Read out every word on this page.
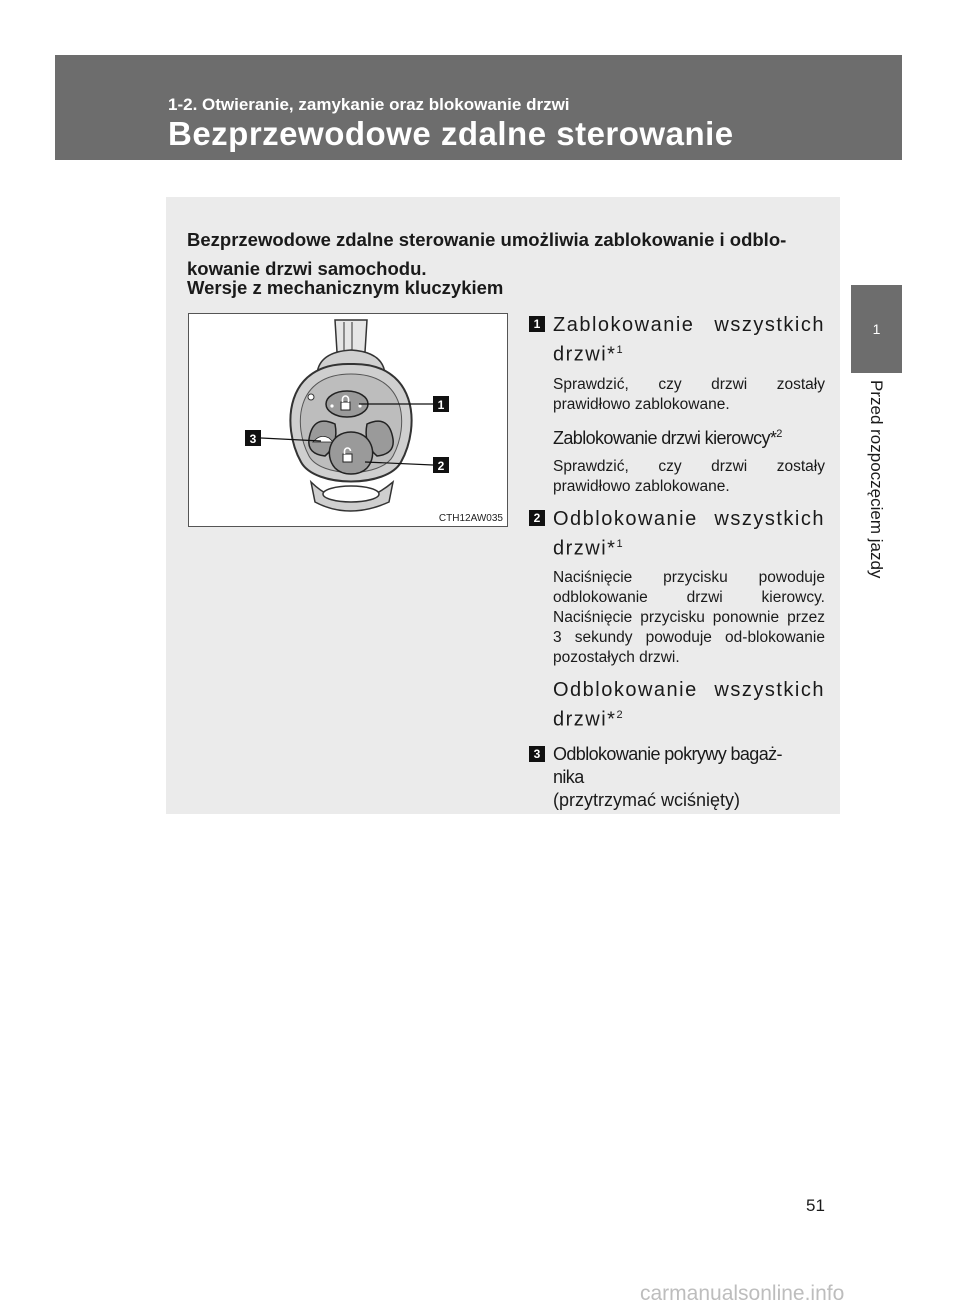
1-2. Otwieranie, zamykanie oraz blokowanie drzwi
Bezprzewodowe zdalne sterowanie
1
Przed rozpoczęciem jazdy
Bezprzewodowe zdalne sterowanie umożliwia zablokowanie i odblo-kowanie drzwi samochodu.
Wersje z mechanicznym kluczykiem
1
2
3
CTH12AW035
1 Zablokowanie wszystkich
drzwi*$^1$
Sprawdzić, czy drzwi zostały prawidłowo zablokowane.
Zablokowanie drzwi kierowcy*$^2$
Sprawdzić, czy drzwi zostały prawidłowo zablokowane.
2 Odblokowanie wszystkich
drzwi*$^1$
Naciśnięcie przycisku powoduje odblokowanie drzwi kierowcy. Naciśnięcie przycisku ponownie przez 3 sekundy powoduje od-blokowanie pozostałych drzwi.
Odblokowanie wszystkich
drzwi*$^2$
3 Odblokowanie pokrywy bagaż-
nika
(przytrzymać wciśnięty)
51
carmanualsonline.info
